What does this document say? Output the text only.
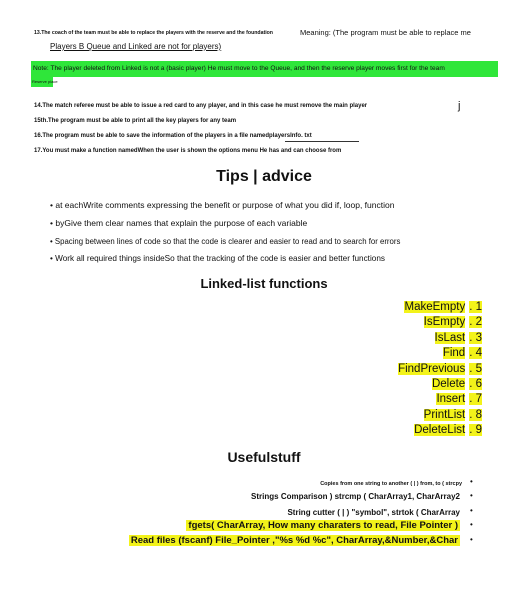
13.The coach of the team must be able to replace the players with the reserve and the foundation	Meaning: (The program must be able to replace me
Players B Queue and Linked are not for players)
Note: The player deleted from Linked is not a (basic player) He must move to the Queue, and then the reserve player moves first for the team
Reserve place
14.The match referee must be able to issue a red card to any player, and in this case he must remove the main player	j
15th.The program must be able to print all the key players for any team
16.The program must be able to save the information of the players in a file namedplayersInfo. txt
17.You must make a function namedWhen the user is shown the options menu He has and can choose from
Tips | advice
• at eachWrite comments expressing the benefit or purpose of what you did if, loop, function
• byGive them clear names that explain the purpose of each variable
• Spacing between lines of code so that the code is clearer and easier to read and to search for errors
• Work all required things insideSo that the tracking of the code is easier and better functions
Linked-list functions
MakeEmpty . 1
IsEmpty . 2
IsLast . 3
Find . 4
FindPrevious . 5
Delete . 6
Insert . 7
PrintList . 8
DeleteList . 9
Usefulstuff
Copies from one string to another ( | ) from, to ( strcpy
Strings Comparison ) strcmp ( CharArray1, CharArray2
String cutter ( | ) "symbol", strtok ( CharArray
fgets( CharArray, How many charaters to read, File Pointer )
Read files (fscanf) File_Pointer ,"%s %d %c", CharArray,&Number,&Char
•
•
•
•
•
